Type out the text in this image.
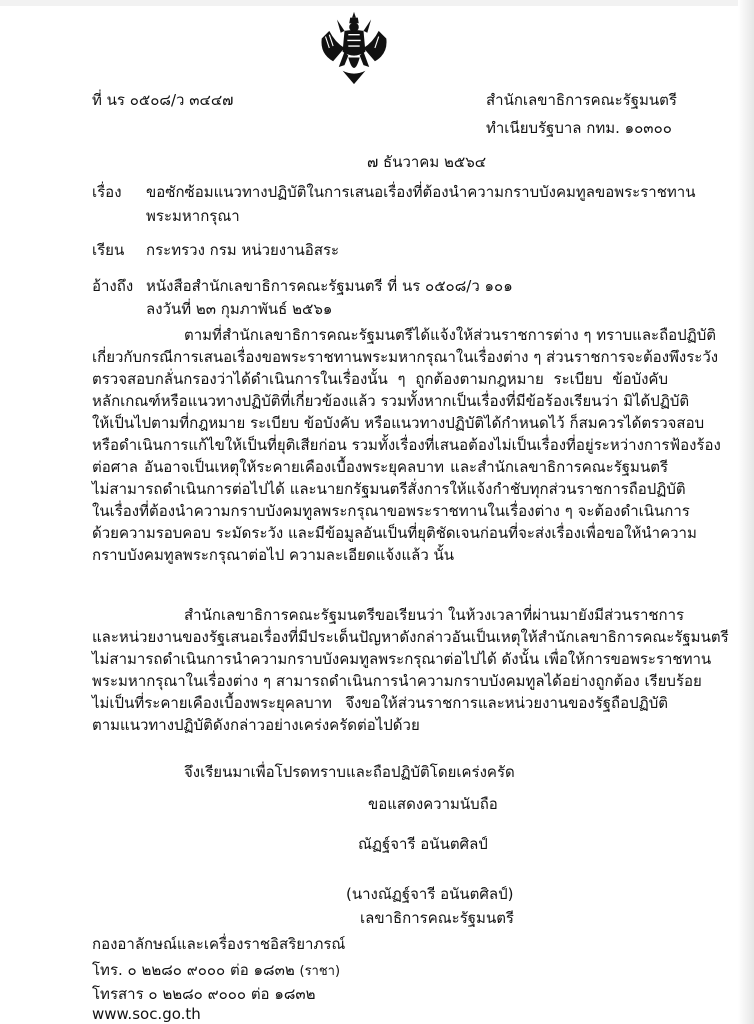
ที่ นร ๐๕๐๘/ว ๓๔๔๗	สำนักเลขาธิการคณะรัฐมนตรี
ทำเนียบรัฐบาล กทม. ๑๐๓๐๐
๗ ธันวาคม ๒๕๖๔
เรื่อง ขอซักซ้อมแนวทางปฏิบัติในการเสนอเรื่องที่ต้องนำความกราบบังคมทูลขอพระราชทาน
พระมหากรุณา
เรียน กระทรวง กรม หน่วยงานอิสระ
อ้างถึง หนังสือสำนักเลขาธิการคณะรัฐมนตรี ที่ นร ๐๕๐๘/ว ๑๐๑
ลงวันที่ ๒๓ กุมภาพันธ์ ๒๕๖๑
ตามที่สำนักเลขาธิการคณะรัฐมนตรีได้แจ้งให้ส่วนราชการต่าง ๆ ทราบและถือปฏิบัติ
เกี่ยวกับกรณีการเสนอเรื่องขอพระราชทานพระมหากรุณาในเรื่องต่าง ๆ ส่วนราชการจะต้องพึงระวัง
ตรวจสอบกลั่นกรองว่าได้ดำเนินการในเรื่องนั้น ๆ ถูกต้องตามกฎหมาย ระเบียบ ข้อบังคับ
หลักเกณฑ์หรือแนวทางปฏิบัติที่เกี่ยวข้องแล้ว รวมทั้งหากเป็นเรื่องที่มีข้อร้องเรียนว่า มิได้ปฏิบัติ
ให้เป็นไปตามที่กฎหมาย ระเบียบ ข้อบังคับ หรือแนวทางปฏิบัติได้กำหนดไว้ ก็สมควรได้ตรวจสอบ
หรือดำเนินการแก้ไขให้เป็นที่ยุติเสียก่อน รวมทั้งเรื่องที่เสนอต้องไม่เป็นเรื่องที่อยู่ระหว่างการฟ้องร้อง
ต่อศาล อันอาจเป็นเหตุให้ระคายเคืองเบื้องพระยุคลบาท และสำนักเลขาธิการคณะรัฐมนตรี
ไม่สามารถดำเนินการต่อไปได้ และนายกรัฐมนตรีสั่งการให้แจ้งกำชับทุกส่วนราชการถือปฏิบัติ
ในเรื่องที่ต้องนำความกราบบังคมทูลพระกรุณาขอพระราชทานในเรื่องต่าง ๆ จะต้องดำเนินการ
ด้วยความรอบคอบ ระมัดระวัง และมีข้อมูลอันเป็นที่ยุติชัดเจนก่อนที่จะส่งเรื่องเพื่อขอให้นำความ
กราบบังคมทูลพระกรุณาต่อไป ความละเอียดแจ้งแล้ว นั้น
สำนักเลขาธิการคณะรัฐมนตรีขอเรียนว่า ในห้วงเวลาที่ผ่านมายังมีส่วนราชการ
และหน่วยงานของรัฐเสนอเรื่องที่มีประเด็นปัญหาดังกล่าวอันเป็นเหตุให้สำนักเลขาธิการคณะรัฐมนตรี
ไม่สามารถดำเนินการนำความกราบบังคมทูลพระกรุณาต่อไปได้ ดังนั้น เพื่อให้การขอพระราชทาน
พระมหากรุณาในเรื่องต่าง ๆ สามารถดำเนินการนำความกราบบังคมทูลได้อย่างถูกต้อง เรียบร้อย
ไม่เป็นที่ระคายเคืองเบื้องพระยุคลบาท จึงขอให้ส่วนราชการและหน่วยงานของรัฐถือปฏิบัติ
ตามแนวทางปฏิบัติดังกล่าวอย่างเคร่งครัดต่อไปด้วย
จึงเรียนมาเพื่อโปรดทราบและถือปฏิบัติโดยเคร่งครัด
ขอแสดงความนับถือ
ณัฏฐ์จารี อนันตศิลป์
(นางณัฏฐ์จารี อนันตศิลป์)
เลขาธิการคณะรัฐมนตรี
กองอาลักษณ์และเครื่องราชอิสริยาภรณ์
โทร. ๐ ๒๒๘๐ ๙๐๐๐ ต่อ ๑๘๓๒ (ราชา)
โทรสาร ๐ ๒๒๘๐ ๙๐๐๐ ต่อ ๑๘๓๒
www.soc.go.th
